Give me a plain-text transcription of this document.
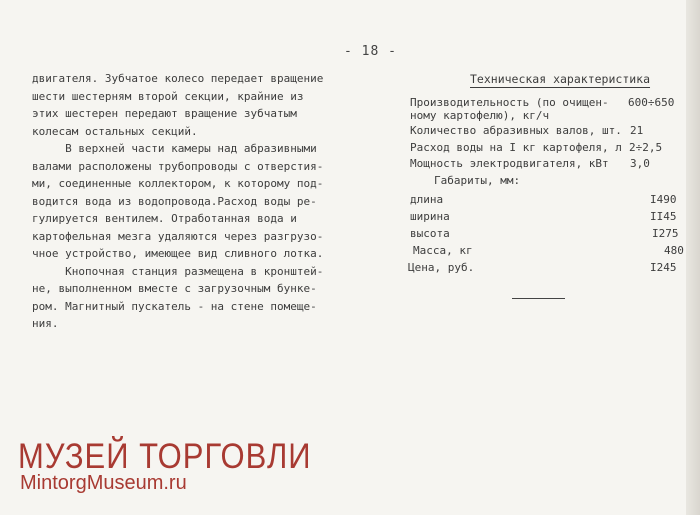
- 18 -
двигателя. Зубчатое колесо передает вращение
шести шестерням второй секции, крайние из
этих шестерен передают вращение зубчатым
колесам остальных секций.
В верхней части камеры над абразивными
валами расположены трубопроводы с отверстия-
ми, соединенные коллектором, к которому под-
водится вода из водопровода.Расход воды ре-
гулируется вентилем. Отработанная вода и
картофельная мезга удаляются через разгрузо-
чное устройство, имеющее вид сливного лотка.
Кнопочная станция размещена в кронштей-
не, выполненном вместе с загрузочным бункe-
ром. Магнитный пускатель - на стене помеще-
ния.
Техническая характеристика
Производительность (по очищен-
ному картофелю), кг/ч
600÷650
Количество абразивных валов, шт. 21
Расход воды на I кг картофеля, л 2÷2,5
Мощность электродвигателя, кВт 3,0
Габариты, мм:
длина	I490
ширина	II45
высота	I275
Масса, кг	480
Цена, руб.	I245
МУЗЕЙ ТОРГОВЛИ
MintorgMuseum.ru
